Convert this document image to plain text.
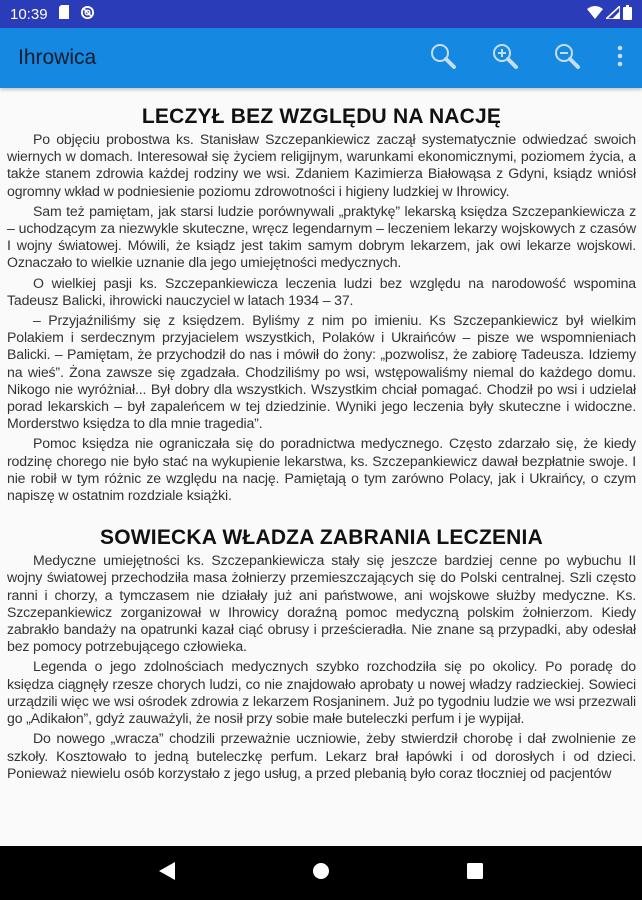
10:39
Ihrowica
LECZYŁ BEZ WZGLĘDU NA NACJĘ

Po objęciu probostwa ks. Stanisław Szczepankiewicz zaczął systematycznie odwiedzać swoich wiernych w domach. Interesował się życiem religijnym, warunkami ekonomicznymi, poziomem życia, a także stanem zdrowia każdej rodziny we wsi. Zdaniem Kazimierza Białowąsa z Gdyni, ksiądz wniósł ogromny wkład w podniesienie poziomu zdrowotności i higieny ludzkiej w Ihrowicy.

Sam też pamiętam, jak starsi ludzie porównywali „praktykę” lekarską księdza Szczepankiewicza z – uchodzącym za niezwykle skuteczne, wręcz legendarnym – leczeniem lekarzy wojskowych z czasów I wojny światowej. Mówili, że ksiądz jest takim samym dobrym lekarzem, jak owi lekarze wojskowi. Oznaczało to wielkie uznanie dla jego umiejętności medycznych.

O wielkiej pasji ks. Szczepankiewicza leczenia ludzi bez względu na narodowość wspomina Tadeusz Balicki, ihrowicki nauczyciel w latach 1934 – 37.

– Przyjaźniliśmy się z księdzem. Byliśmy z nim po imieniu. Ks Szczepankiewicz był wielkim Polakiem i serdecznym przyjacielem wszystkich, Polaków i Ukraińców – pisze we wspomnieniach Balicki. – Pamiętam, że przychodził do nas i mówił do żony: „pozwolisz, że zabiorę Tadeusza. Idziemy na wieś”. Żona zawsze się zgadzała. Chodziliśmy po wsi, wstępowaliśmy niemal do każdego domu. Nikogo nie wyróżniał... Był dobry dla wszystkich. Wszystkim chciał pomagać. Chodził po wsi i udzielał porad lekarskich – był zapaleńcem w tej dziedzinie. Wyniki jego leczenia były skuteczne i widoczne. Morderstwo księdza to dla mnie tragedia”.

Pomoc księdza nie ograniczała się do poradnictwa medycznego. Często zdarzało się, że kiedy rodzinę chorego nie było stać na wykupienie lekarstwa, ks. Szczepankiewicz dawał bezpłatnie swoje. I nie robił w tym różnic ze względu na nację. Pamiętają o tym zarówno Polacy, jak i Ukraińcy, o czym napiszę w ostatnim rozdziale książki.

SOWIECKA WŁADZA ZABRANIA LECZENIA

Medyczne umiejętności ks. Szczepankiewicza stały się jeszcze bardziej cenne po wybuchu II wojny światowej przechodziła masa żołnierzy przemieszczających się do Polski centralnej. Szli często ranni i chorzy, a tymczasem nie działały już ani państwowe, ani wojskowe służby medyczne. Ks. Szczepankiewicz zorganizował w Ihrowicy doraźną pomoc medyczną polskim żołnierzom. Kiedy zabrakło bandaży na opatrunki kazał ciąć obrusy i prześcieradła. Nie znane są przypadki, aby odesłał bez pomocy potrzebującego człowieka.

Legenda o jego zdolnościach medycznych szybko rozchodziła się po okolicy. Po poradę do księdza ciągnęły rzesze chorych ludzi, co nie znajdowało aprobaty u nowej władzy radzieckiej. Sowieci urządzili więc we wsi ośrodek zdrowia z lekarzem Rosjaninem. Już po tygodniu ludzie we wsi przezwali go „Adikałon”, gdyż zauważyli, że nosił przy sobie małe buteleczki perfum i je wypijał.

Do nowego „wracza” chodzili przeważnie uczniowie, żeby stwierdził chorobę i dał zwolnienie ze szkoły. Kosztowało to jedną buteleczkę perfum. Lekarz brał łapówki i od dorosłych i od dzieci. Ponieważ niewielu osób korzystało z jego usług, a przed plebanią było coraz tłoczniej od pacjentów
